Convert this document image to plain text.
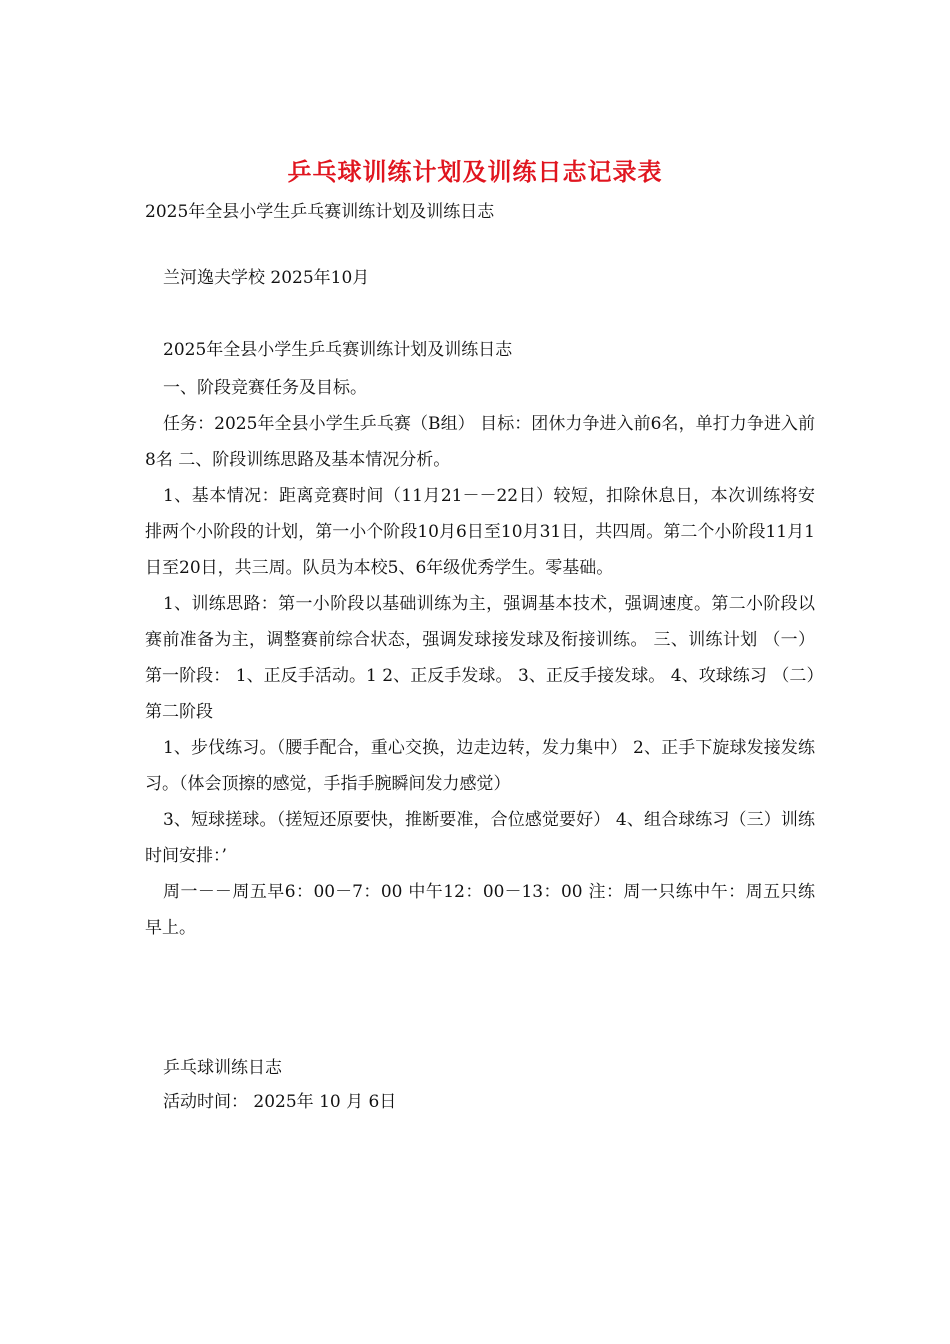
乒乓球训练计划及训练日志记录表
2025年全县小学生乒乓赛训练计划及训练日志
兰河逸夫学校 2025年10月
2025年全县小学生乒乓赛训练计划及训练日志

一、阶段竞赛任务及目标。

任务：2025年全县小学生乒乓赛（B组） 目标：团休力争进入前6名，单打力争进入前8名 二、阶段训练思路及基本情况分析。

1、基本情况：距离竞赛时间（11月21－－22日）较短，扣除休息日，本次训练将安排两个小阶段的计划，第一小个阶段10月6日至10月31日，共四周。第二个小阶段11月1日至20日，共三周。队员为本校5、6年级优秀学生。零基础。

1、训练思路：第一小阶段以基础训练为主，强调基本技术，强调速度。第二小阶段以赛前准备为主，调整赛前综合状态，强调发球接发球及衔接训练。 三、训练计划 （一）第一阶段： 1、正反手活动。1 2、正反手发球。 3、正反手接发球。 4、攻球练习 （二）第二阶段

1、步伐练习。（腰手配合，重心交换，边走边转，发力集中） 2、正手下旋球发接发练习。（体会顶擦的感觉，手指手腕瞬间发力感觉）

3、短球搓球。（搓短还原要快，推断要准，合位感觉要好） 4、组合球练习（三）训练时间安排：’

周一－－周五早6：00－7：00 中午12：00－13：00 注：周一只练中午：周五只练早上。

乒乓球训练日志
活动时间： 2025年 10 月 6日
